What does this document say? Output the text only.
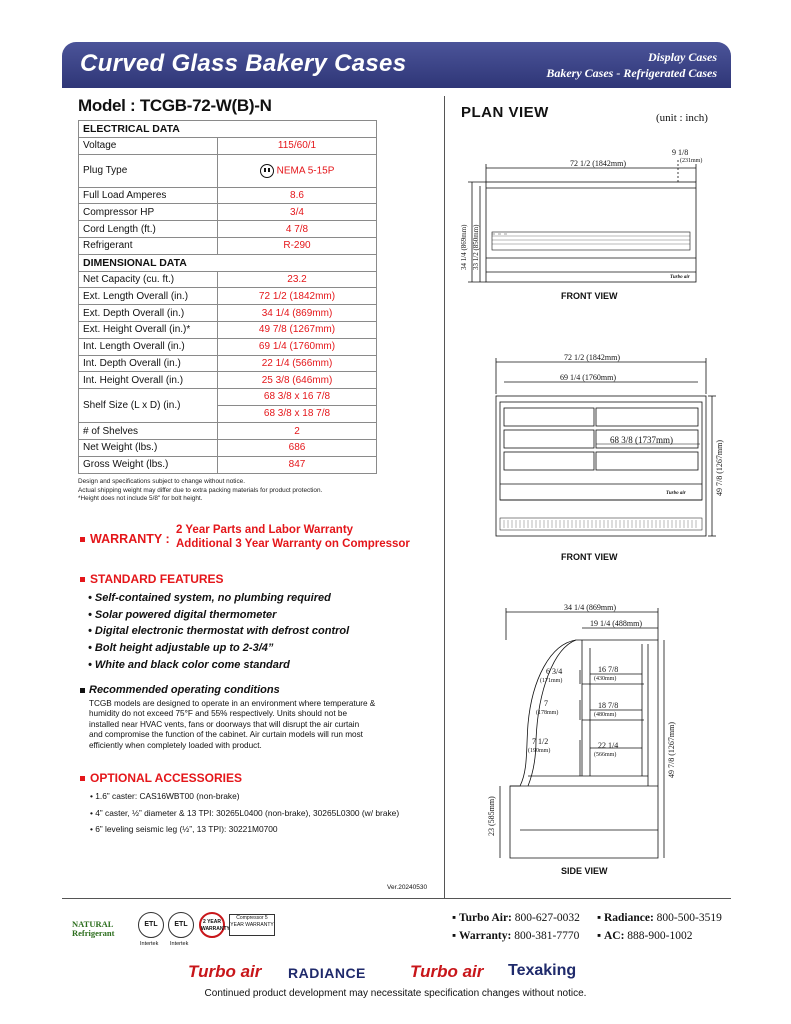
Curved Glass Bakery Cases	Display Cases
Bakery Cases - Refrigerated Cases
Model : TCGB-72-W(B)-N
ELECTRICAL DATA	
Voltage	115/60/1
Plug Type	NEMA 5-15P
Full Load Amperes	8.6
Compressor HP	3/4
Cord Length (ft.)	4 7/8
Refrigerant	R-290
DIMENSIONAL DATA	
Net Capacity (cu. ft.)	23.2
Ext. Length Overall (in.)	72 1/2 (1842mm)
Ext. Depth Overall (in.)	34 1/4 (869mm)
Ext. Height Overall (in.)*	49 7/8 (1267mm)
Int. Length Overall (in.)	69 1/4 (1760mm)
Int. Depth Overall (in.)	22 1/4 (566mm)
Int. Height Overall (in.)	25 3/8 (646mm)
Shelf Size (L x D) (in.)	68 3/8 x 16 7/8
68 3/8 x 18 7/8

# of Shelves	2
Net Weight (lbs.)	686
Gross Weight (lbs.)	847
Design and specifications subject to change without notice.
Actual shipping weight may differ due to extra packing materials for product protection.
*Height does not include 5/8" for bolt height.
WARRANTY :
2 Year Parts and Labor Warranty
Additional 3 Year Warranty on Compressor
STANDARD FEATURES
• Self-contained system, no plumbing required
• Solar powered digital thermometer
• Digital electronic thermostat with defrost control
• Bolt height adjustable up to 2-3/4”
• White and black color come standard
Recommended operating conditions
TCGB models are designed to operate in an environment where temperature &
humidity do not exceed 75°F and 55% respectively. Units should not be
installed near HVAC vents, fans or doorways that will disrupt the air curtain
and compromise the function of the cabinet. Air curtain models will run most
efficiently when completely loaded with product.
OPTIONAL ACCESSORIES
• 1.6” caster: CAS16WBT00 (non-brake)
• 4” caster, ½” diameter & 13 TPI: 30265L0400 (non-brake), 30265L0300 (w/ brake)
• 6” leveling seismic leg (½”, 13 TPI): 30221M0700
Ver.20240530
PLAN VIEW	(unit : inch)
72 1/2 (1842mm)
9 1/8
(231mm)
34 1/4 (869mm) 33 1/2 (850mm)
Turbo air
FRONT VIEW
72 1/2 (1842mm)
69 1/4 (1760mm)
68 3/8 (1737mm)	49 7/8 (1267mm)
Turbo air
FRONT VIEW
34 1/4 (869mm)
19 1/4 (488mm)
6 3/4
(171mm)
7
(178mm)
7 1/2
(190mm)
16 7/8
(430mm)
18 7/8
(480mm)
22 1/4
(566mm)	49 7/8 (1267mm)
23 (585mm)
SIDE VIEW
NATURAL
Refrigerant
ETL
Intertek
ETL
Intertek
2 YEAR WARRANTY
Compressor 5 YEAR WARRANTY
▪ Turbo Air: 800-627-0032 ▪ Radiance: 800-500-3519
▪ Warranty: 800-381-7770 ▪ AC: 888-900-1002
Turbo air RADIANCE	Turbo air Texaking
Continued product development may necessitate specification changes without notice.
